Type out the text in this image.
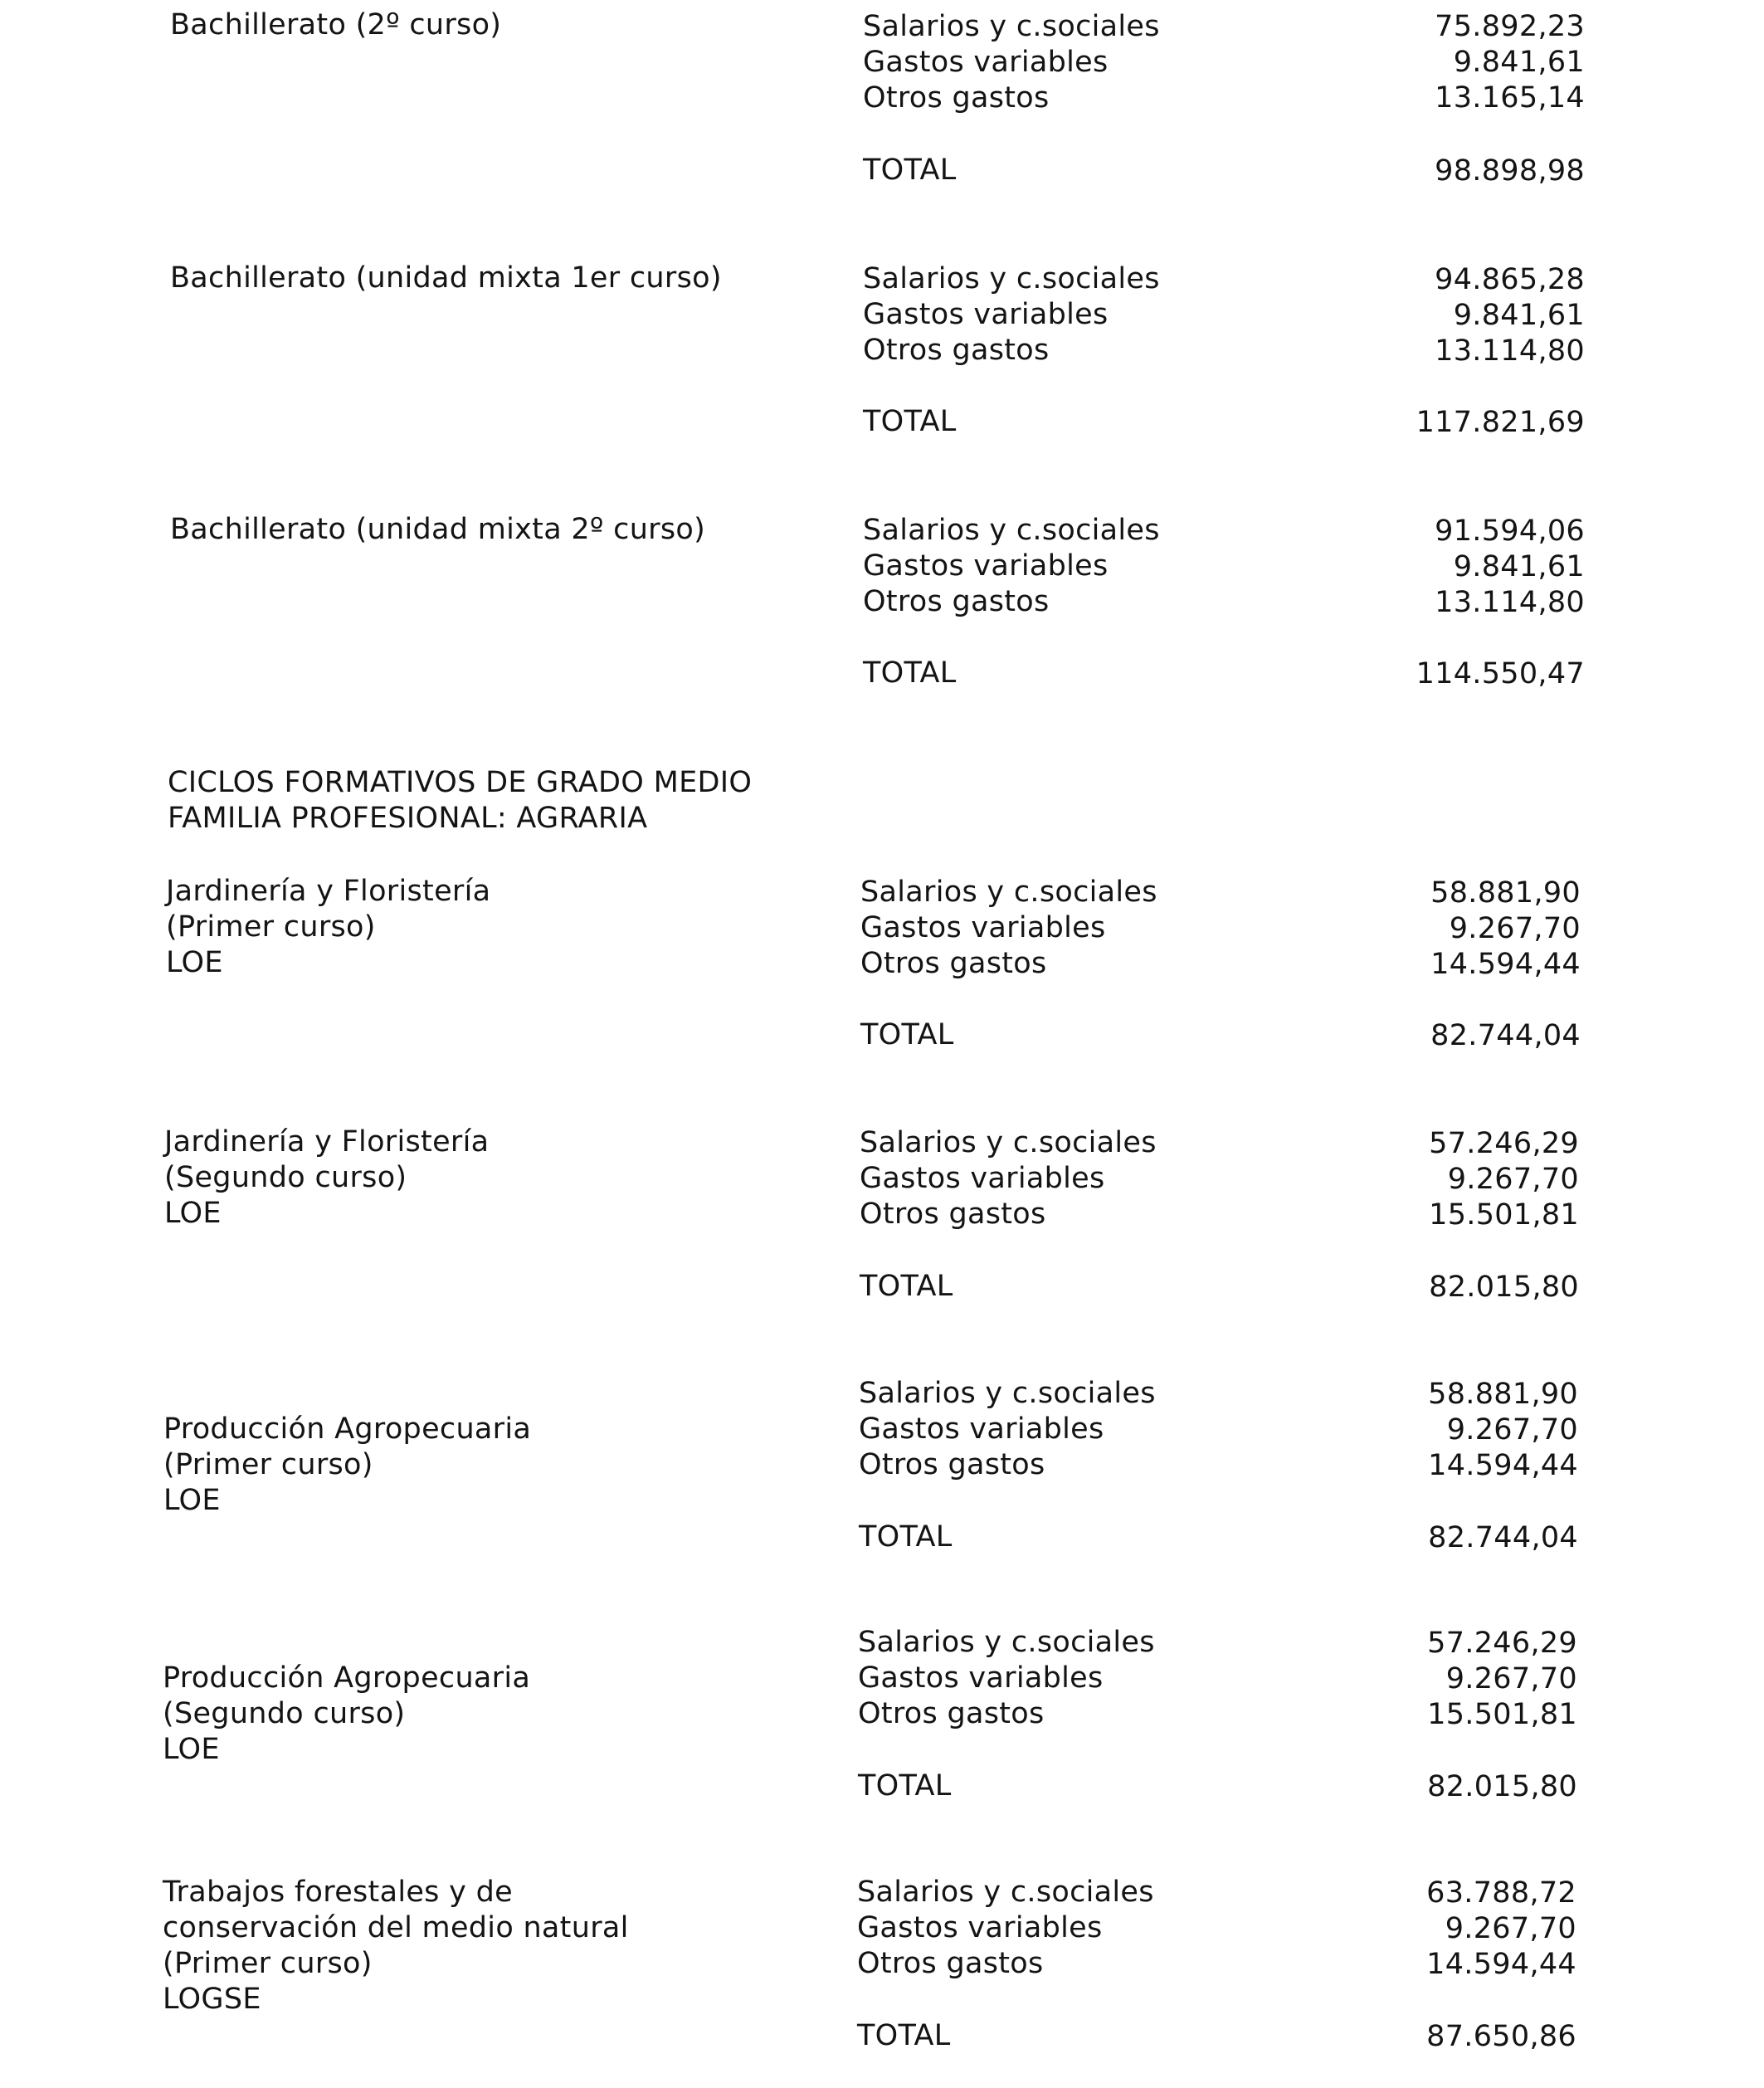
Bachillerato (2º curso)	Salarios y c.sociales	75.892,23
Gastos variables	9.841,61
Otros gastos	13.165,14
TOTAL	98.898,98
Bachillerato (unidad mixta 1er curso)	Salarios y c.sociales	94.865,28
Gastos variables	9.841,61
Otros gastos	13.114,80
TOTAL	117.821,69
Bachillerato (unidad mixta 2º curso)	Salarios y c.sociales	91.594,06
Gastos variables	9.841,61
Otros gastos	13.114,80
TOTAL	114.550,47
CICLOS FORMATIVOS DE GRADO MEDIO
FAMILIA PROFESIONAL: AGRARIA
Jardinería y Floristería
(Primer curso)
LOE
Salarios y c.sociales	58.881,90
Gastos variables	9.267,70
Otros gastos	14.594,44
TOTAL	82.744,04
Jardinería y Floristería
(Segundo curso)
LOE
Salarios y c.sociales	57.246,29
Gastos variables	9.267,70
Otros gastos	15.501,81
TOTAL	82.015,80
Producción Agropecuaria
(Primer curso)
LOE
Salarios y c.sociales	58.881,90
Gastos variables	9.267,70
Otros gastos	14.594,44
TOTAL	82.744,04
Producción Agropecuaria
(Segundo curso)
LOE
Salarios y c.sociales	57.246,29
Gastos variables	9.267,70
Otros gastos	15.501,81
TOTAL	82.015,80
Trabajos forestales y de
conservación del medio natural
(Primer curso)
LOGSE
Salarios y c.sociales	63.788,72
Gastos variables	9.267,70
Otros gastos	14.594,44
TOTAL	87.650,86
